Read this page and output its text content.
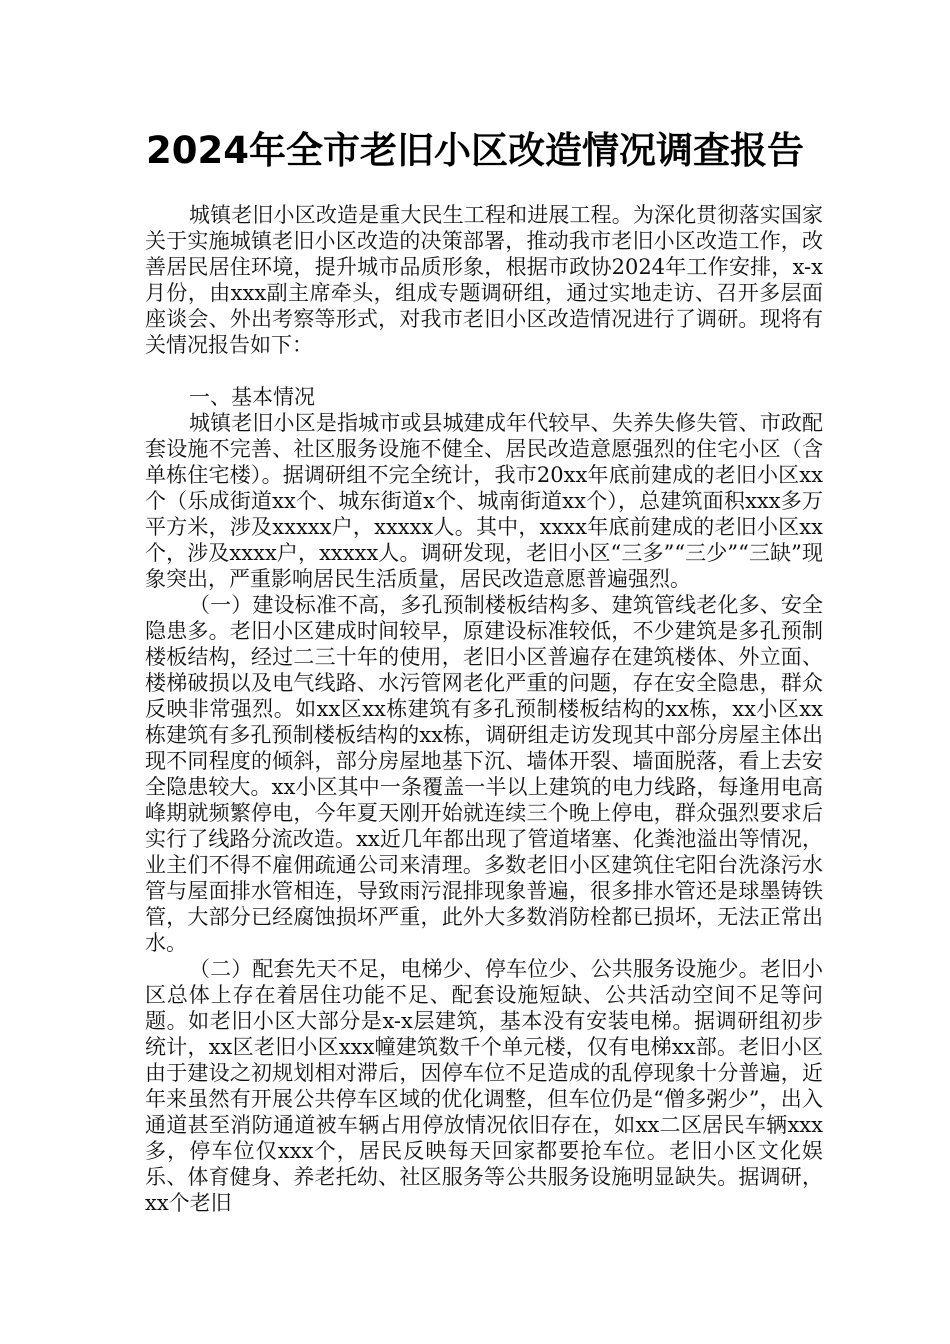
2024年全市老旧小区改造情况调查报告

城镇老旧小区改造是重大民生工程和进展工程。为深化贯彻落实国家关于实施城镇老旧小区改造的决策部署，推动我市老旧小区改造工作，改善居民居住环境，提升城市品质形象，根据市政协2024年工作安排，x-x月份，由xxx副主席牵头，组成专题调研组，通过实地走访、召开多层面座谈会、外出考察等形式，对我市老旧小区改造情况进行了调研。现将有关情况报告如下：

一、基本情况

城镇老旧小区是指城市或县城建成年代较早、失养失修失管、市政配套设施不完善、社区服务设施不健全、居民改造意愿强烈的住宅小区（含单栋住宅楼）。据调研组不完全统计，我市20xx年底前建成的老旧小区xx个（乐成街道xx个、城东街道x个、城南街道xx个），总建筑面积xxx多万平方米，涉及xxxxx户，xxxxx人。其中，xxxx年底前建成的老旧小区xx个，涉及xxxx户，xxxxx人。调研发现，老旧小区“三多”“三少”“三缺”现象突出，严重影响居民生活质量，居民改造意愿普遍强烈。

（一）建设标准不高，多孔预制楼板结构多、建筑管线老化多、安全隐患多。老旧小区建成时间较早，原建设标准较低，不少建筑是多孔预制楼板结构，经过二三十年的使用，老旧小区普遍存在建筑楼体、外立面、楼梯破损以及电气线路、水污管网老化严重的问题，存在安全隐患，群众反映非常强烈。如xx区xx栋建筑有多孔预制楼板结构的xx栋，xx小区xx栋建筑有多孔预制楼板结构的xx栋，调研组走访发现其中部分房屋主体出现不同程度的倾斜，部分房屋地基下沉、墙体开裂、墙面脱落，看上去安全隐患较大。xx小区其中一条覆盖一半以上建筑的电力线路，每逢用电高峰期就频繁停电，今年夏天刚开始就连续三个晚上停电，群众强烈要求后实行了线路分流改造。xx近几年都出现了管道堵塞、化粪池溢出等情况，业主们不得不雇佣疏通公司来清理。多数老旧小区建筑住宅阳台洗涤污水管与屋面排水管相连，导致雨污混排现象普遍，很多排水管还是球墨铸铁管，大部分已经腐蚀损坏严重，此外大多数消防栓都已损坏，无法正常出水。

（二）配套先天不足，电梯少、停车位少、公共服务设施少。老旧小区总体上存在着居住功能不足、配套设施短缺、公共活动空间不足等问题。如老旧小区大部分是x-x层建筑，基本没有安装电梯。据调研组初步统计，xx区老旧小区xxx幢建筑数千个单元楼，仅有电梯xx部。老旧小区由于建设之初规划相对滞后，因停车位不足造成的乱停现象十分普遍，近年来虽然有开展公共停车区域的优化调整，但车位仍是“僧多粥少”，出入通道甚至消防通道被车辆占用停放情况依旧存在，如xx二区居民车辆xxx多，停车位仅xxx个，居民反映每天回家都要抢车位。老旧小区文化娱乐、体育健身、养老托幼、社区服务等公共服务设施明显缺失。据调研，xx个老旧
